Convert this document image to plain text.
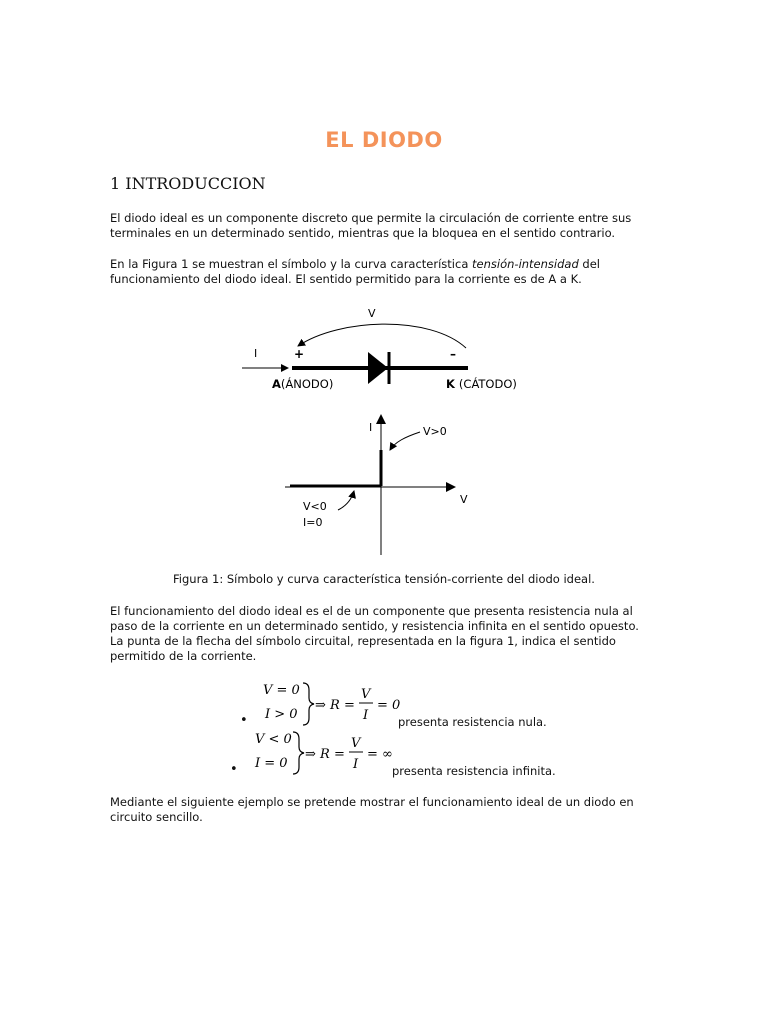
EL DIODO
1 INTRODUCCION
El diodo ideal es un componente discreto que permite la circulación de corriente entre sus terminales en un determinado sentido, mientras que la bloquea en el sentido contrario.
En la Figura 1 se muestran el símbolo y la curva característica tensión-intensidad del funcionamiento del diodo ideal. El sentido permitido para la corriente es de A a K.
V
I	+	–
A(ÁNODO)	K (CÁTODO)
I
V
V>0
V<0
I=0
Figura 1: Símbolo y curva característica tensión-corriente del diodo ideal.
El funcionamiento del diodo ideal es el de un componente que presenta resistencia nula al paso de la corriente en un determinado sentido, y resistencia infinita en el sentido opuesto. La punta de la flecha del símbolo circuital, representada en la figura 1, indica el sentido permitido de la corriente.
•
V = 0
I > 0
⇒ R =
V
I
= 0
presenta resistencia nula.
•
V < 0
I = 0
⇒ R =
V
I
= ∞
presenta resistencia infinita.
Mediante el siguiente ejemplo se pretende mostrar el funcionamiento ideal de un diodo en circuito sencillo.
